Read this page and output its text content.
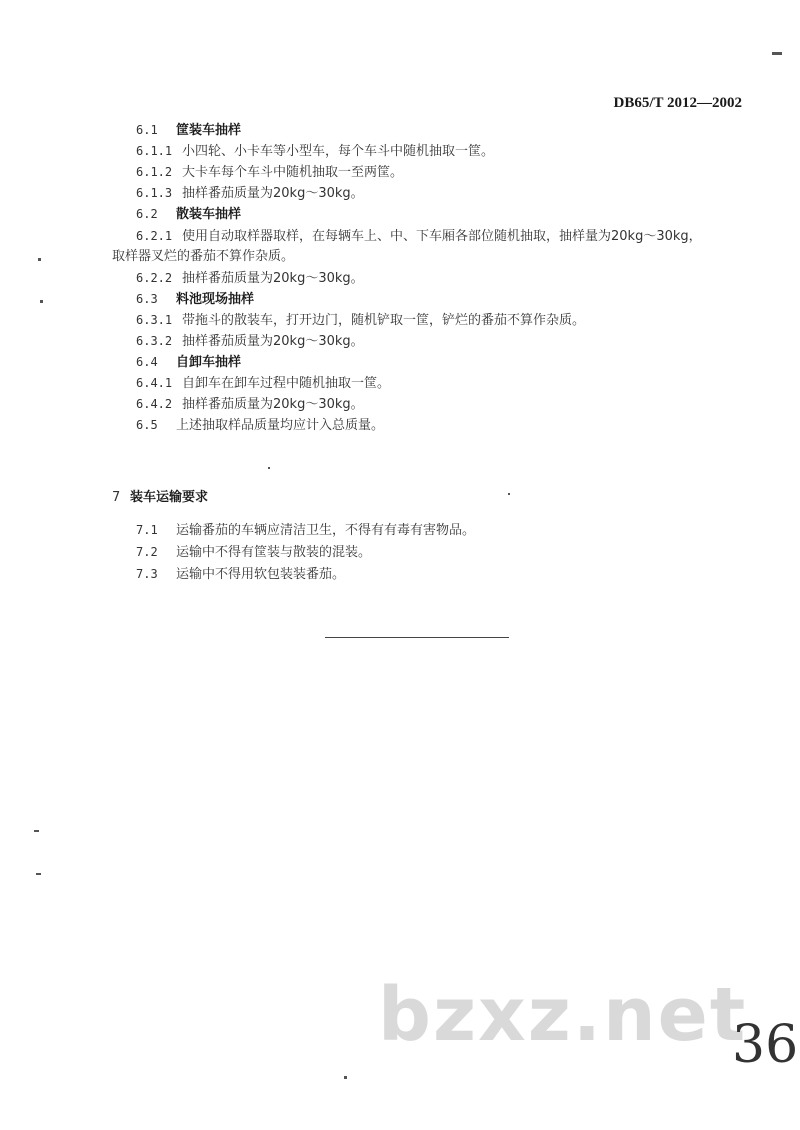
DB65/T 2012—2002
6.1 筐装车抽样
6.1.1 小四轮、小卡车等小型车，每个车斗中随机抽取一筐。
6.1.2 大卡车每个车斗中随机抽取一至两筐。
6.1.3 抽样番茄质量为20kg～30kg。
6.2 散装车抽样
6.2.1 使用自动取样器取样，在每辆车上、中、下车厢各部位随机抽取，抽样量为20kg～30kg，
取样器叉烂的番茄不算作杂质。
6.2.2 抽样番茄质量为20kg～30kg。
6.3 料池现场抽样
6.3.1 带拖斗的散装车，打开边门，随机铲取一筐，铲烂的番茄不算作杂质。
6.3.2 抽样番茄质量为20kg～30kg。
6.4 自卸车抽样
6.4.1 自卸车在卸车过程中随机抽取一筐。
6.4.2 抽样番茄质量为20kg～30kg。
6.5 上述抽取样品质量均应计入总质量。
7 装车运输要求
7.1 运输番茄的车辆应清洁卫生，不得有有毒有害物品。
7.2 运输中不得有筐装与散装的混装。
7.3 运输中不得用软包装装番茄。
bzxz.net
36
